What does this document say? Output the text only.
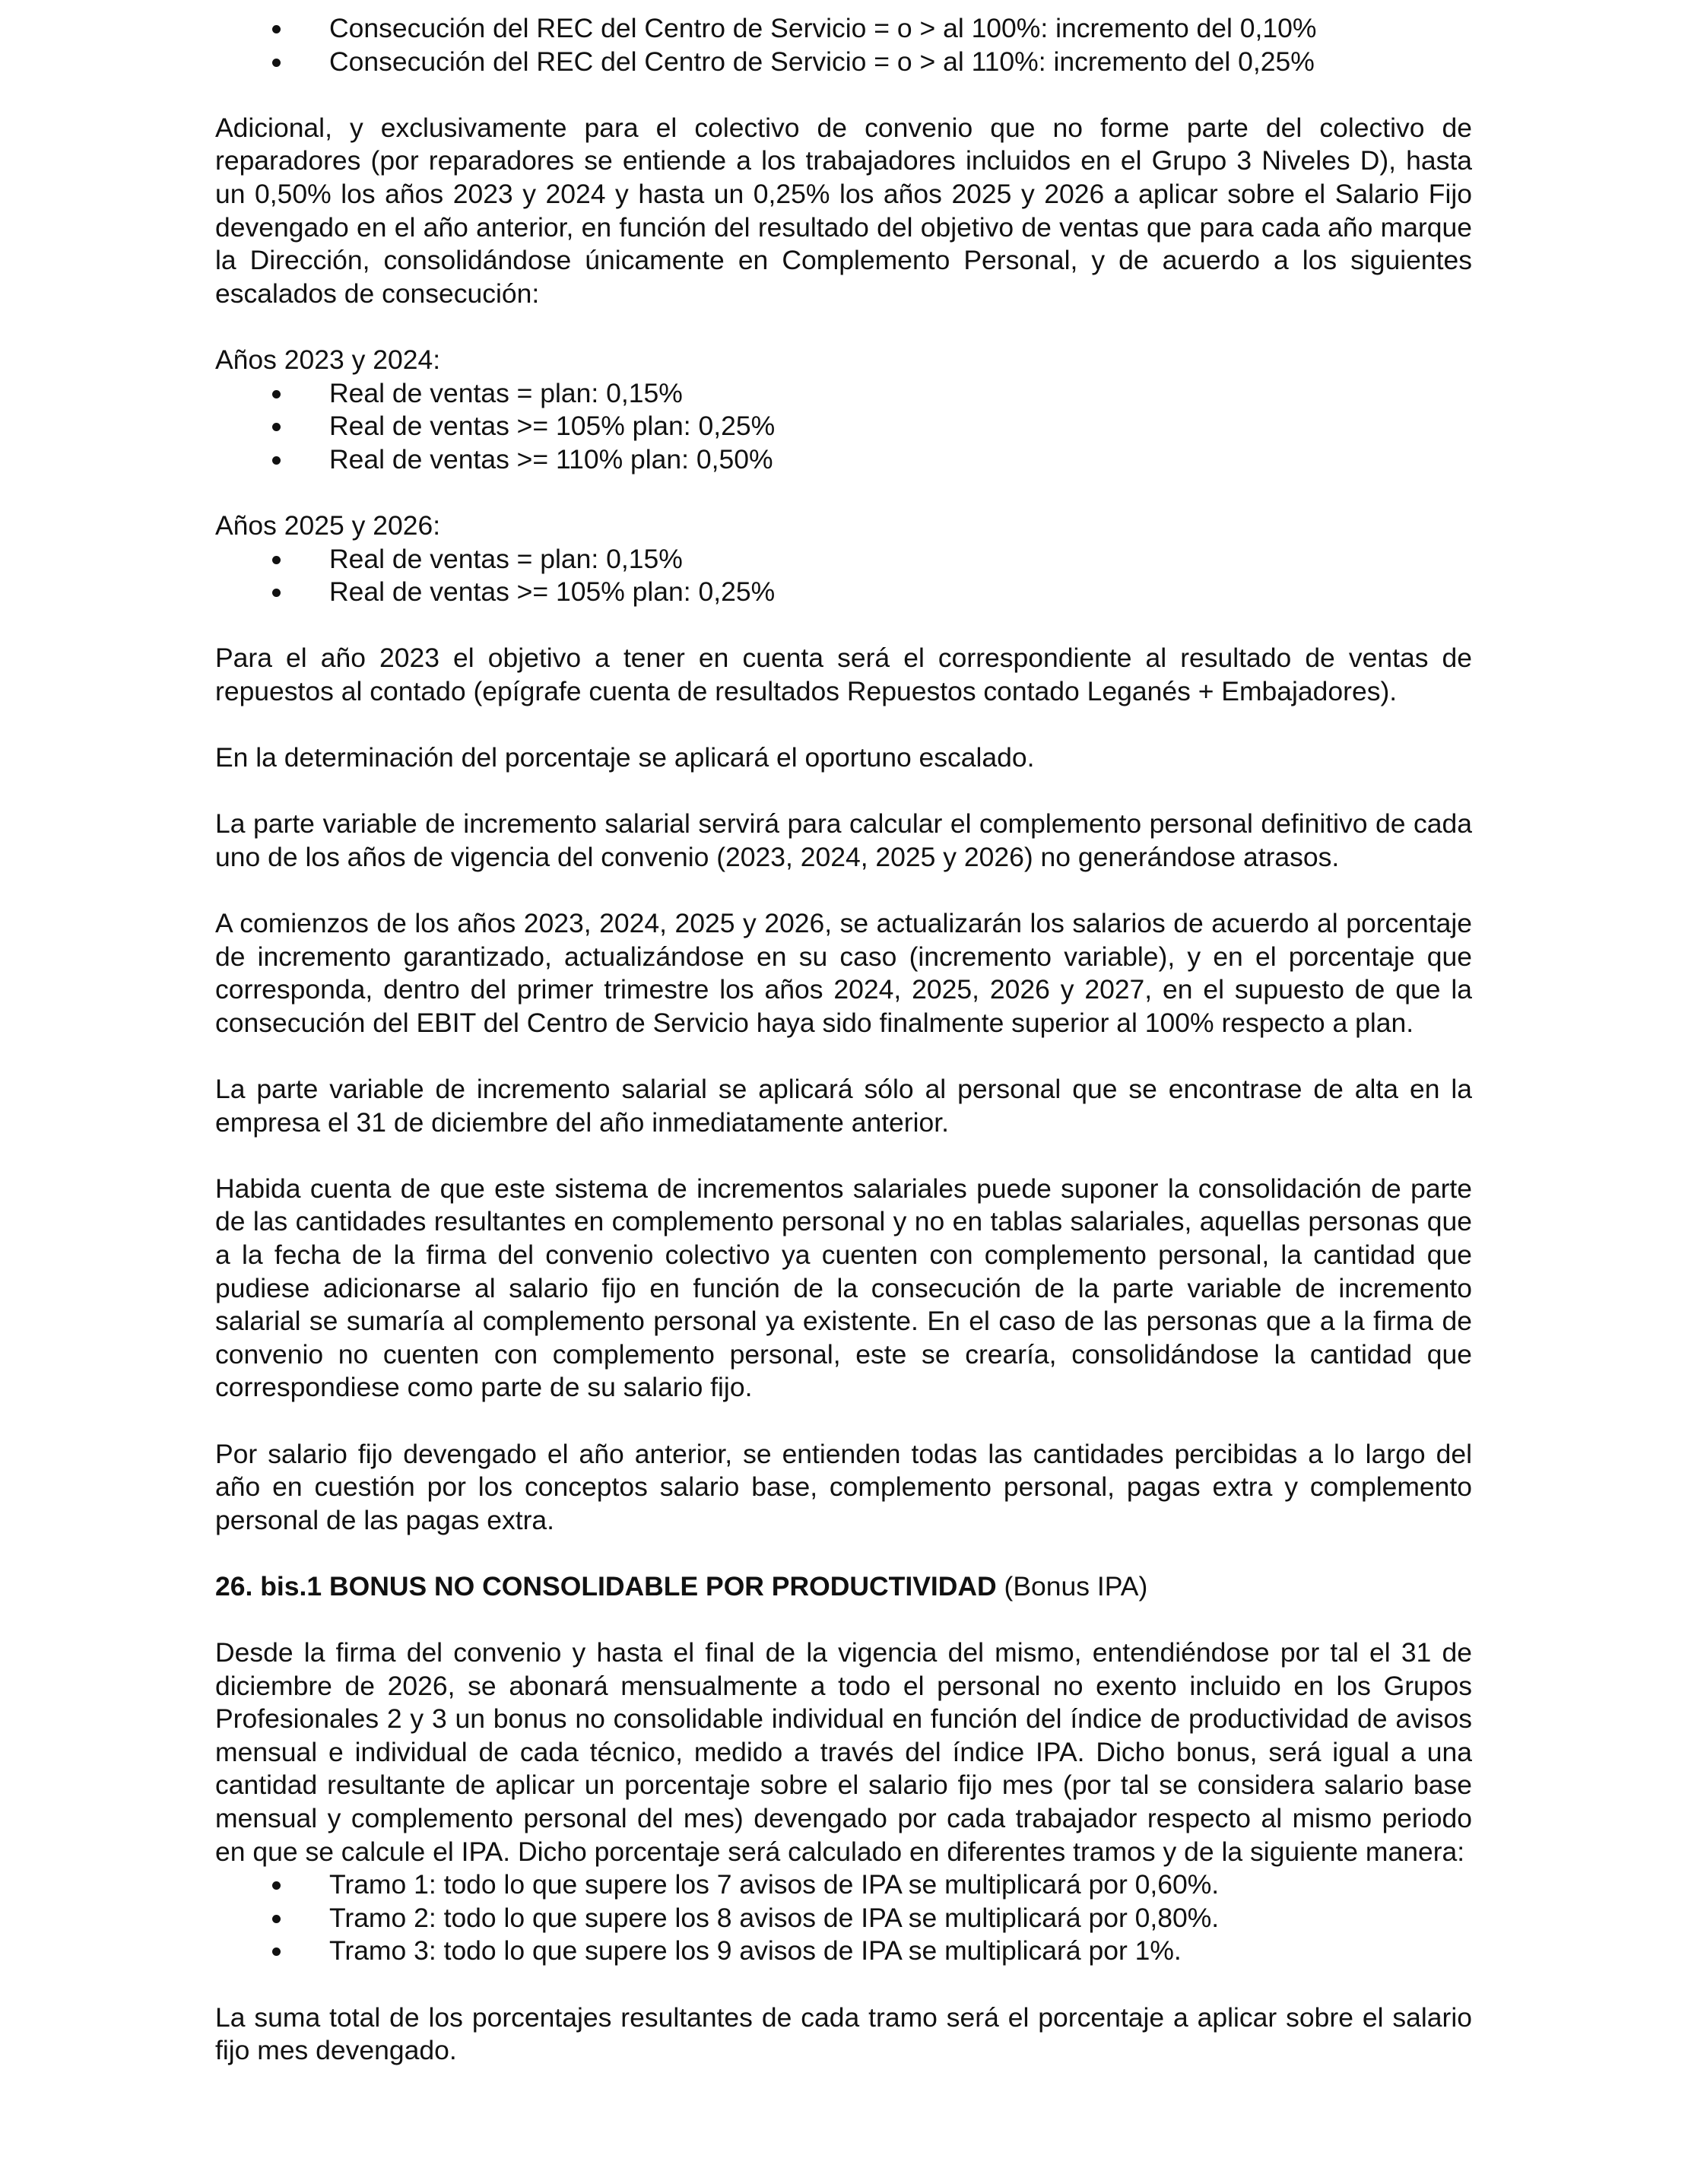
Consecución del REC del Centro de Servicio = o > al 100%: incremento del 0,10%
Consecución del REC del Centro de Servicio = o > al 110%: incremento del 0,25%

Adicional, y exclusivamente para el colectivo de convenio que no forme parte del colectivo de reparadores (por reparadores se entiende a los trabajadores incluidos en el Grupo 3 Niveles D), hasta un 0,50% los años 2023 y 2024 y hasta un 0,25% los años 2025 y 2026 a aplicar sobre el Salario Fijo devengado en el año anterior, en función del resultado del objetivo de ventas que para cada año marque la Dirección, consolidándose únicamente en Complemento Personal, y de acuerdo a los siguientes escalados de consecución:

Años 2023 y 2024:
Real de ventas = plan: 0,15%
Real de ventas >= 105% plan: 0,25%
Real de ventas >= 110% plan: 0,50%
Años 2025 y 2026:
Real de ventas = plan: 0,15%
Real de ventas >= 105% plan: 0,25%

Para el año 2023 el objetivo a tener en cuenta será el correspondiente al resultado de ventas de repuestos al contado (epígrafe cuenta de resultados Repuestos contado Leganés + Embajadores).

En la determinación del porcentaje se aplicará el oportuno escalado.

La parte variable de incremento salarial servirá para calcular el complemento personal definitivo de cada uno de los años de vigencia del convenio (2023, 2024, 2025 y 2026) no generándose atrasos.

A comienzos de los años 2023, 2024, 2025 y 2026, se actualizarán los salarios de acuerdo al porcentaje de incremento garantizado, actualizándose en su caso (incremento variable), y en el porcentaje que corresponda, dentro del primer trimestre los años 2024, 2025, 2026 y 2027, en el supuesto de que la consecución del EBIT del Centro de Servicio haya sido finalmente superior al 100% respecto a plan.

La parte variable de incremento salarial se aplicará sólo al personal que se encontrase de alta en la empresa el 31 de diciembre del año inmediatamente anterior.

Habida cuenta de que este sistema de incrementos salariales puede suponer la consolidación de parte de las cantidades resultantes en complemento personal y no en tablas salariales, aquellas personas que a la fecha de la firma del convenio colectivo ya cuenten con complemento personal, la cantidad que pudiese adicionarse al salario fijo en función de la consecución de la parte variable de incremento salarial se sumaría al complemento personal ya existente. En el caso de las personas que a la firma de convenio no cuenten con complemento personal, este se crearía, consolidándose la cantidad que correspondiese como parte de su salario fijo.

Por salario fijo devengado el año anterior, se entienden todas las cantidades percibidas a lo largo del año en cuestión por los conceptos salario base, complemento personal, pagas extra y complemento personal de las pagas extra.

26. bis.1 BONUS NO CONSOLIDABLE POR PRODUCTIVIDAD (Bonus IPA)

Desde la firma del convenio y hasta el final de la vigencia del mismo, entendiéndose por tal el 31 de diciembre de 2026, se abonará mensualmente a todo el personal no exento incluido en los Grupos Profesionales 2 y 3 un bonus no consolidable individual en función del índice de productividad de avisos mensual e individual de cada técnico, medido a través del índice IPA. Dicho bonus, será igual a una cantidad resultante de aplicar un porcentaje sobre el salario fijo mes (por tal se considera salario base mensual y complemento personal del mes) devengado por cada trabajador respecto al mismo periodo en que se calcule el IPA. Dicho porcentaje será calculado en diferentes tramos y de la siguiente manera:

Tramo 1: todo lo que supere los 7 avisos de IPA se multiplicará por 0,60%.
Tramo 2: todo lo que supere los 8 avisos de IPA se multiplicará por 0,80%.
Tramo 3: todo lo que supere los 9 avisos de IPA se multiplicará por 1%.

La suma total de los porcentajes resultantes de cada tramo será el porcentaje a aplicar sobre el salario fijo mes devengado.
